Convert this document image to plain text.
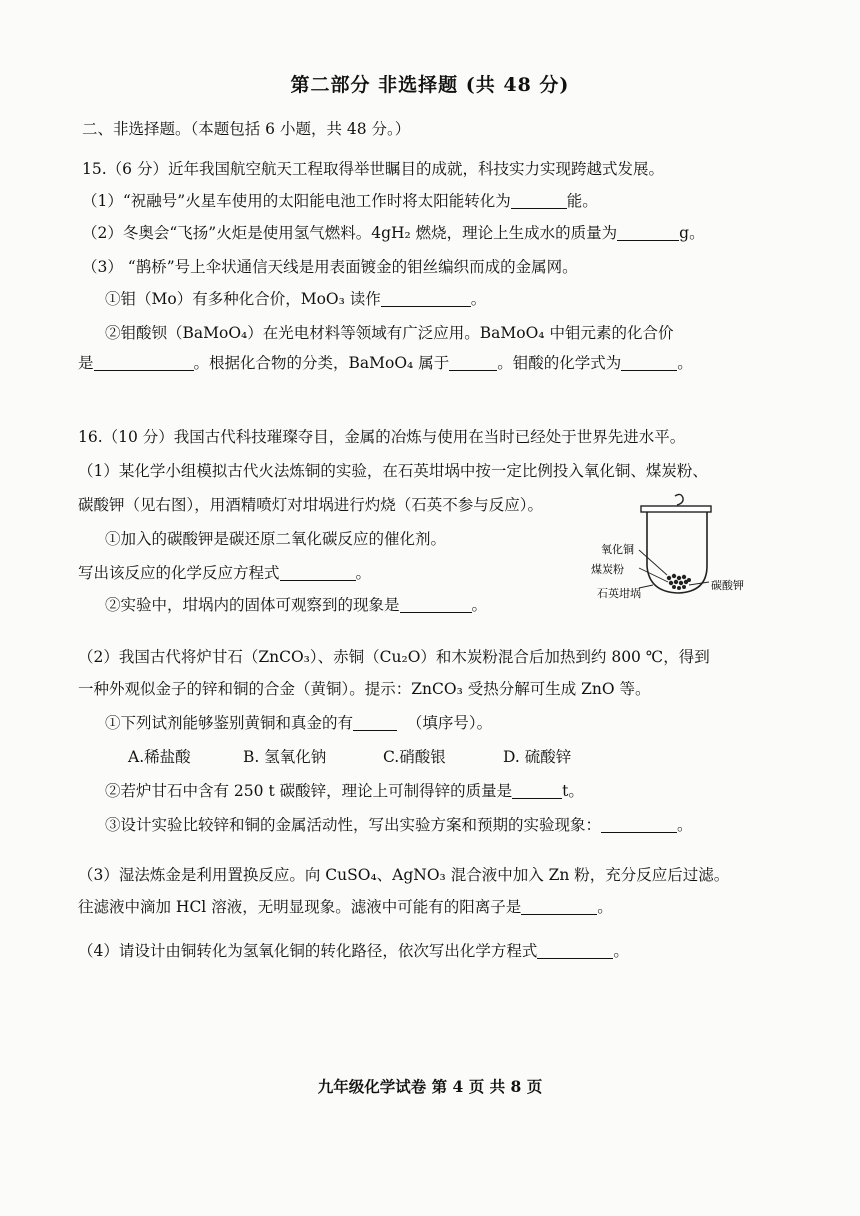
第二部分 非选择题 (共 48 分)
二、非选择题。（本题包括 6 小题，共 48 分。）
15.（6 分）近年我国航空航天工程取得举世瞩目的成就，科技实力实现跨越式发展。
（1）“祝融号”火星车使用的太阳能电池工作时将太阳能转化为	能。
（2）冬奥会“飞扬”火炬是使用氢气燃料。4gH₂ 燃烧，理论上生成水的质量为	g。
（3） “鹊桥”号上伞状通信天线是用表面镀金的钼丝编织而成的金属网。
①钼（Mo）有多种化合价，MoO₃ 读作	。
②钼酸钡（BaMoO₄）在光电材料等领域有广泛应用。BaMoO₄ 中钼元素的化合价
是	。根据化合物的分类，BaMoO₄ 属于	。钼酸的化学式为	。
16.（10 分）我国古代科技璀璨夺目，金属的冶炼与使用在当时已经处于世界先进水平。
（1）某化学小组模拟古代火法炼铜的实验，在石英坩埚中按一定比例投入氧化铜、煤炭粉、
碳酸钾（见右图），用酒精喷灯对坩埚进行灼烧（石英不参与反应）。
①加入的碳酸钾是碳还原二氧化碳反应的催化剂。
写出该反应的化学反应方程式	。
②实验中，坩埚内的固体可观察到的现象是	。
氧化铜
煤炭粉
碳酸钾
石英坩埚
（2）我国古代将炉甘石（ZnCO₃）、赤铜（Cu₂O）和木炭粉混合后加热到约 800 ℃，得到
一种外观似金子的锌和铜的合金（黄铜）。提示：ZnCO₃ 受热分解可生成 ZnO 等。
①下列试剂能够鉴别黄铜和真金的有	（填序号）。
A.稀盐酸	B. 氢氧化钠	C.硝酸银	D. 硫酸锌
②若炉甘石中含有 250 t 碳酸锌，理论上可制得锌的质量是	t。
③设计实验比较锌和铜的金属活动性，写出实验方案和预期的实验现象：	。
（3）湿法炼金是利用置换反应。向 CuSO₄、AgNO₃ 混合液中加入 Zn 粉，充分反应后过滤。
往滤液中滴加 HCl 溶液，无明显现象。滤液中可能有的阳离子是	。
（4）请设计由铜转化为氢氧化铜的转化路径，依次写出化学方程式	。
九年级化学试卷 第 4 页 共 8 页
